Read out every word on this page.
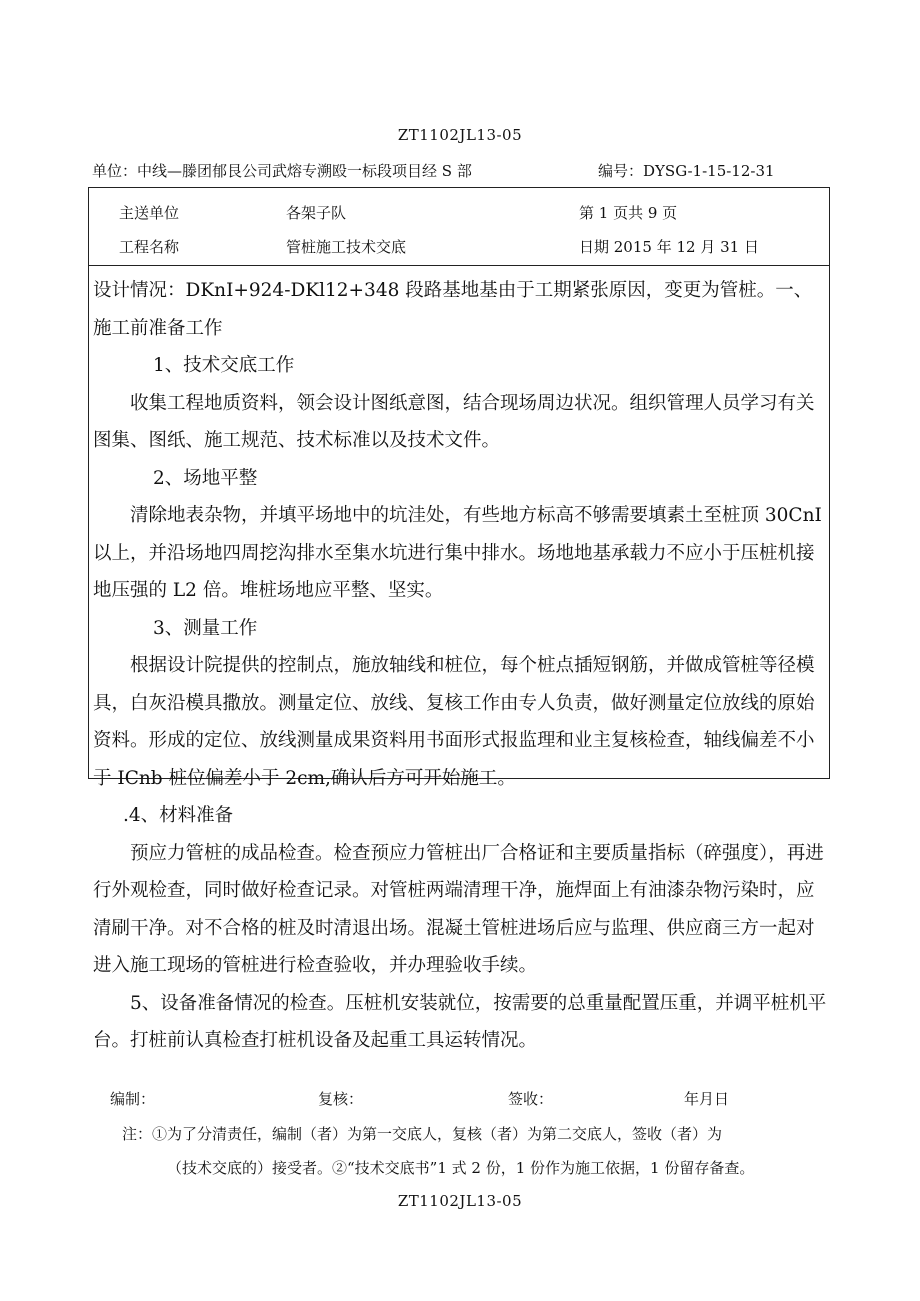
ZT1102JL13-05
单位：中线—滕团郁艮公司武熔专溯殴一标段项目经 S 部	编号：DYSG-1-15-12-31
主送单位	各架子队	第 1 页共 9 页
工程名称	管桩施工技术交底	日期 2015 年 12 月 31 日

设计情况：DKnI+924-DKl12+348 段路基地基由于工期紧张原因，变更为管桩。一、施工前准备工作

1、技术交底工作

收集工程地质资料，领会设计图纸意图，结合现场周边状况。组织管理人员学习有关图集、图纸、施工规范、技术标准以及技术文件。

2、场地平整

清除地表杂物，并填平场地中的坑洼处，有些地方标高不够需要填素土至桩顶 30CnI 以上，并沿场地四周挖沟排水至集水坑进行集中排水。场地地基承载力不应小于压桩机接地压强的 L2 倍。堆桩场地应平整、坚实。

3、测量工作

根据设计院提供的控制点，施放轴线和桩位，每个桩点插短钢筋，并做成管桩等径模具，白灰沿模具撒放。测量定位、放线、复核工作由专人负责，做好测量定位放线的原始资料。形成的定位、放线测量成果资料用书面形式报监理和业主复核检查，轴线偏差不小于 ICnb 桩位偏差小于 2cm,确认后方可开始施工。

.4、材料准备

预应力管桩的成品检查。检查预应力管桩出厂合格证和主要质量指标（碎强度），再进行外观检查，同时做好检查记录。对管桩两端清理干净，施焊面上有油漆杂物污染时，应清刷干净。对不合格的桩及时清退出场。混凝土管桩进场后应与监理、供应商三方一起对进入施工现场的管桩进行检查验收，并办理验收手续。

5、设备准备情况的检查。压桩机安装就位，按需要的总重量配置压重，并调平桩机平台。打桩前认真检查打桩机设备及起重工具运转情况。

编制：	复核：	签收：	年月日
注：①为了分清责任，编制（者）为第一交底人，复核（者）为第二交底人，签收（者）为
（技术交底的）接受者。②“技术交底书”1 式 2 份，1 份作为施工依据，1 份留存备查。
ZT1102JL13-05
